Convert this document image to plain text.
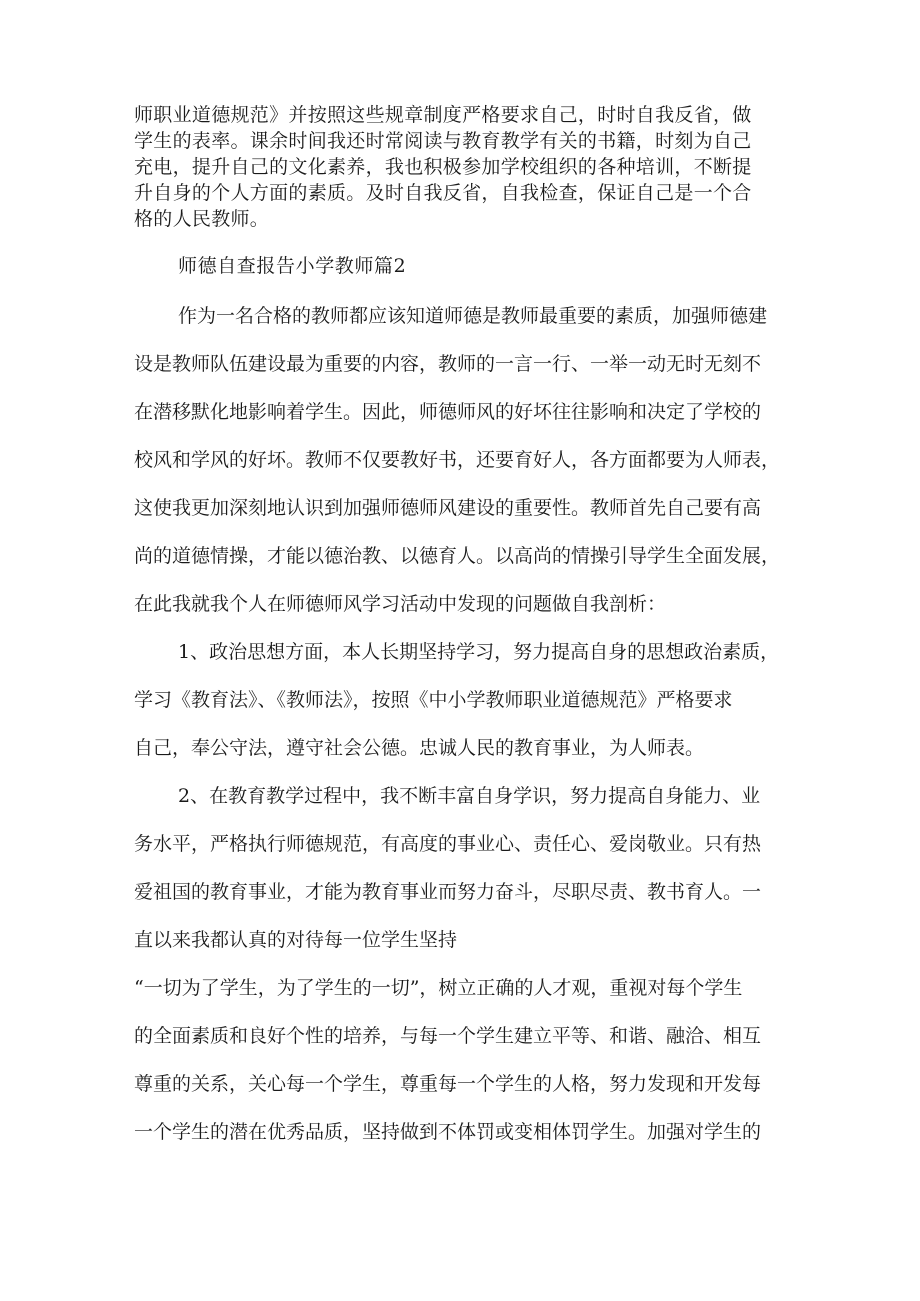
师职业道德规范》并按照这些规章制度严格要求自己，时时自我反省，做
学生的表率。课余时间我还时常阅读与教育教学有关的书籍，时刻为自己
充电，提升自己的文化素养，我也积极参加学校组织的各种培训，不断提
升自身的个人方面的素质。及时自我反省，自我检查，保证自己是一个合
格的人民教师。
师德自查报告小学教师篇2
作为一名合格的教师都应该知道师德是教师最重要的素质，加强师德建
设是教师队伍建设最为重要的内容，教师的一言一行、一举一动无时无刻不
在潜移默化地影响着学生。因此，师德师风的好坏往往影响和决定了学校的
校风和学风的好坏。教师不仅要教好书，还要育好人，各方面都要为人师表，
这使我更加深刻地认识到加强师德师风建设的重要性。教师首先自己要有高
尚的道德情操，才能以德治教、以德育人。以高尚的情操引导学生全面发展，
在此我就我个人在师德师风学习活动中发现的问题做自我剖析：
1、政治思想方面，本人长期坚持学习，努力提高自身的思想政治素质，
学习《教育法》、《教师法》，按照《中小学教师职业道德规范》严格要求
自己，奉公守法，遵守社会公德。忠诚人民的教育事业，为人师表。
2、在教育教学过程中，我不断丰富自身学识，努力提高自身能力、业
务水平，严格执行师德规范，有高度的事业心、责任心、爱岗敬业。只有热
爱祖国的教育事业，才能为教育事业而努力奋斗，尽职尽责、教书育人。一
直以来我都认真的对待每一位学生坚持
“一切为了学生，为了学生的一切”，树立正确的人才观，重视对每个学生
的全面素质和良好个性的培养，与每一个学生建立平等、和谐、融洽、相互
尊重的关系，关心每一个学生，尊重每一个学生的人格，努力发现和开发每
一个学生的潜在优秀品质，坚持做到不体罚或变相体罚学生。加强对学生的
